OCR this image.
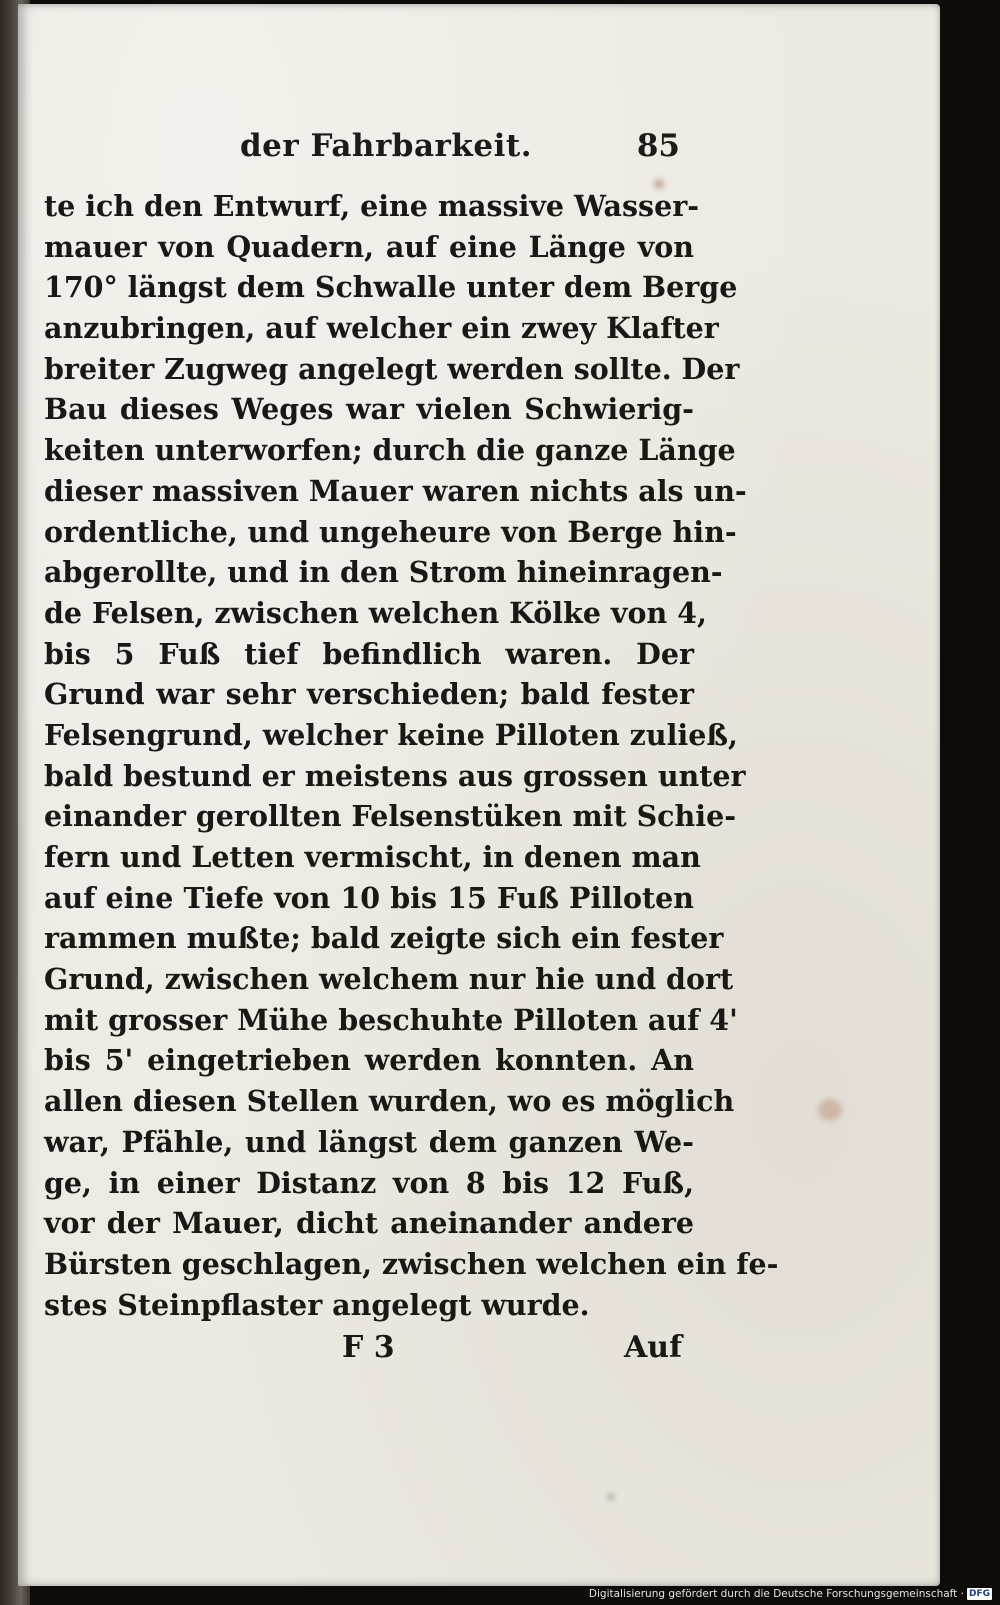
der Fahrbarkeit.	85
te ich den Entwurf, eine massive Wasser-
mauer von Quadern, auf eine Länge von
170° längst dem Schwalle unter dem Berge
anzubringen, auf welcher ein zwey Klafter
breiter Zugweg angelegt werden sollte. Der
Bau dieses Weges war vielen Schwierig-
keiten unterworfen; durch die ganze Länge
dieser massiven Mauer waren nichts als un-
ordentliche, und ungeheure von Berge hin-
abgerollte, und in den Strom hineinragen-
de Felsen, zwischen welchen Kölke von 4,
bis 5 Fuß tief befindlich waren. Der
Grund war sehr verschieden; bald fester
Felsengrund, welcher keine Pilloten zuließ,
bald bestund er meistens aus grossen unter
einander gerollten Felsenstüken mit Schie-
fern und Letten vermischt, in denen man
auf eine Tiefe von 10 bis 15 Fuß Pilloten
rammen mußte; bald zeigte sich ein fester
Grund, zwischen welchem nur hie und dort
mit grosser Mühe beschuhte Pilloten auf 4'
bis 5' eingetrieben werden konnten. An
allen diesen Stellen wurden, wo es möglich
war, Pfähle, und längst dem ganzen We-
ge, in einer Distanz von 8 bis 12 Fuß,
vor der Mauer, dicht aneinander andere
Bürsten geschlagen, zwischen welchen ein fe-
stes Steinpflaster angelegt wurde.
F 3	Auf
Digitalisierung gefördert durch die Deutsche Forschungsgemeinschaft · DFG
